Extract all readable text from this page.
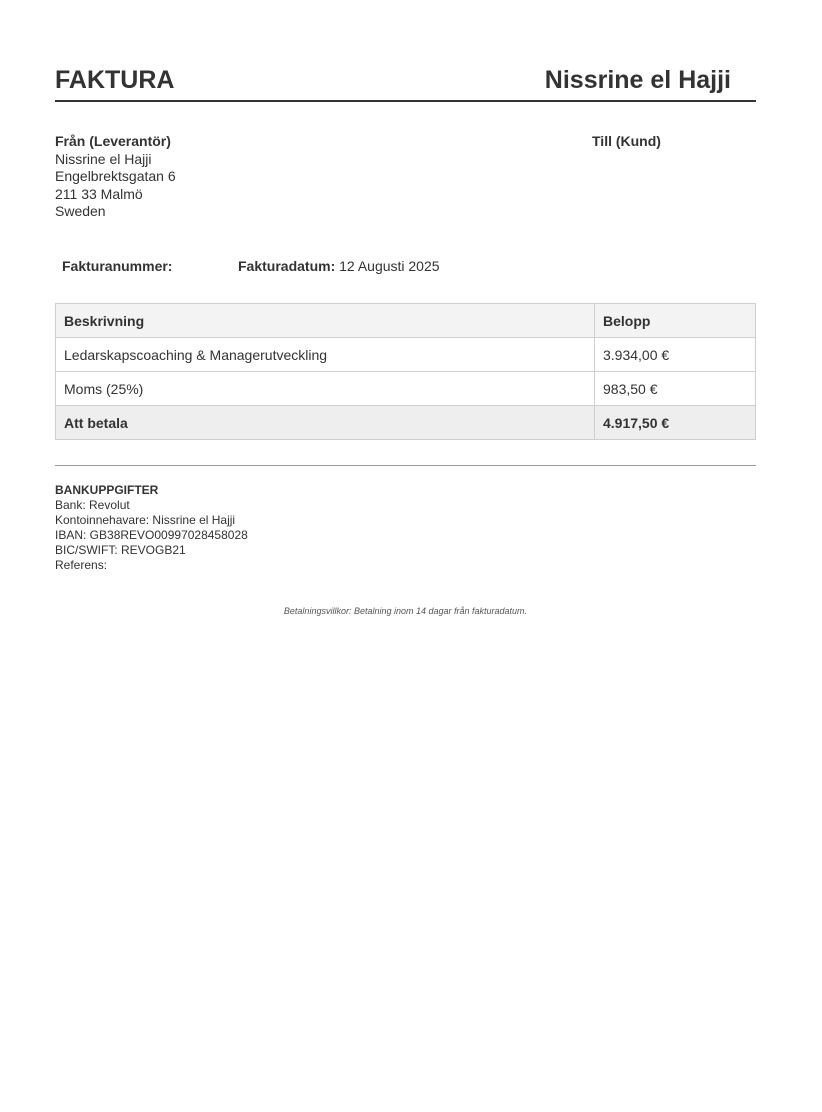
FAKTURA	Nissrine el Hajji
Från (Leverantör)
Nissrine el Hajji
Engelbrektsgatan 6
211 33 Malmö
Sweden
Till (Kund)
Fakturanummer:	Fakturadatum: 12 Augusti 2025
Beskrivning	Belopp
Ledarskapscoaching & Managerutveckling	3.934,00 €
Moms (25%)	983,50 €
Att betala	4.917,50 €
BANKUPPGIFTER
Bank: Revolut
Kontoinnehavare: Nissrine el Hajji
IBAN: GB38REVO00997028458028
BIC/SWIFT: REVOGB21
Referens:
Betalningsvillkor: Betalning inom 14 dagar från fakturadatum.
